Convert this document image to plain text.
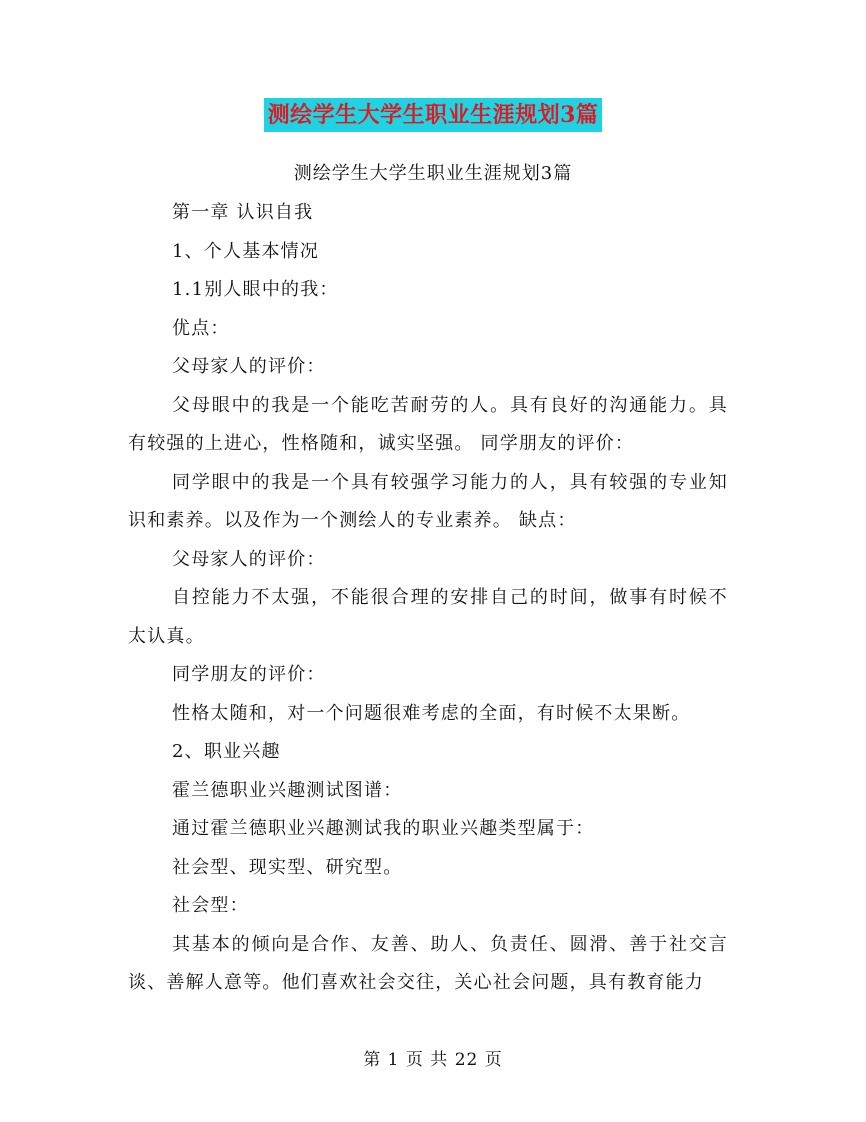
测绘学生大学生职业生涯规划3篇
测绘学生大学生职业生涯规划3篇

第一章 认识自我

1、个人基本情况

1.1别人眼中的我：

优点：

父母家人的评价：

父母眼中的我是一个能吃苦耐劳的人。具有良好的沟通能力。具有较强的上进心，性格随和，诚实坚强。 同学朋友的评价：

同学眼中的我是一个具有较强学习能力的人，具有较强的专业知识和素养。以及作为一个测绘人的专业素养。 缺点：

父母家人的评价：

自控能力不太强，不能很合理的安排自己的时间，做事有时候不太认真。

同学朋友的评价：

性格太随和，对一个问题很难考虑的全面，有时候不太果断。

2、职业兴趣

霍兰德职业兴趣测试图谱：

通过霍兰德职业兴趣测试我的职业兴趣类型属于：

社会型、现实型、研究型。

社会型：

其基本的倾向是合作、友善、助人、负责任、圆滑、善于社交言谈、善解人意等。他们喜欢社会交往，关心社会问题，具有教育能力

第 1 页 共 22 页
